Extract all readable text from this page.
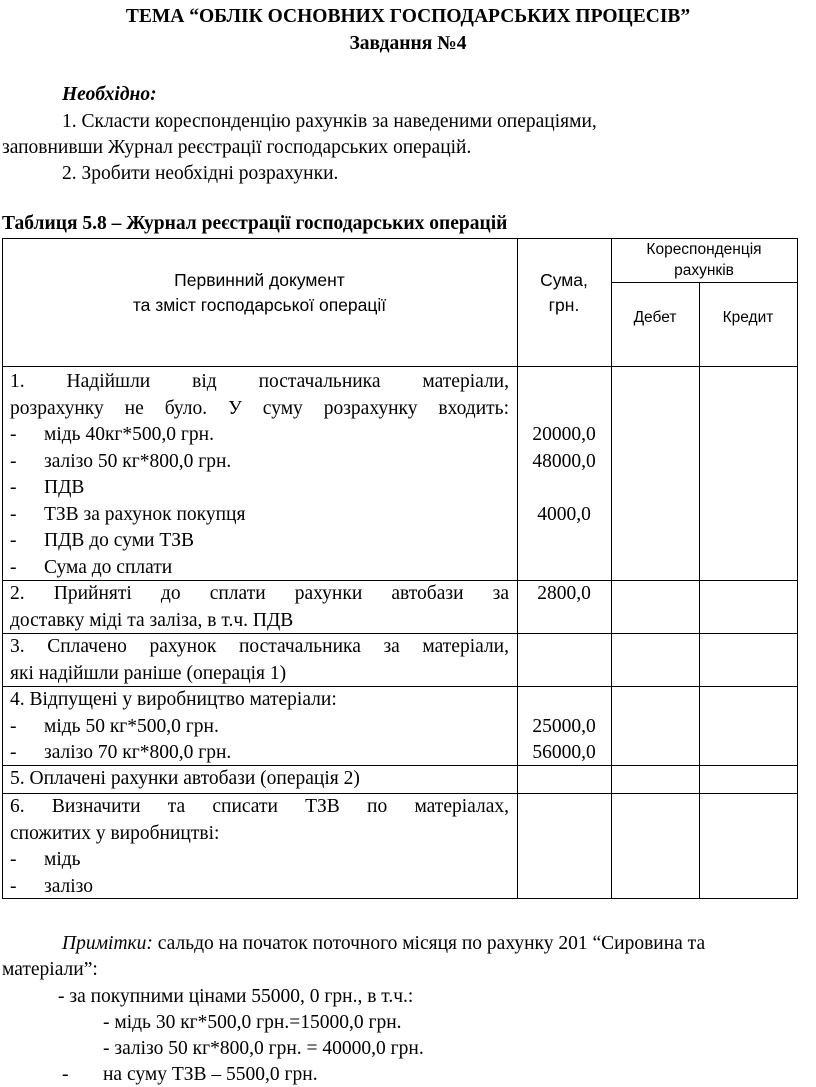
ТЕМА “ОБЛІК ОСНОВНИХ ГОСПОДАРСЬКИХ ПРОЦЕСІВ”
Завдання №4
Необхідно:
1. Скласти кореспонденцію рахунків за наведеними операціями,
заповнивши Журнал реєстрації господарських операцій.
2. Зробити необхідні розрахунки.
Таблиця 5.8 – Журнал реєстрації господарських операцій
Первинний документ
та зміст господарської операції
Сума,
грн.
Кореспонденція
рахунків
Дебет	Кредит
1. Надійшли від постачальника матеріали,
розрахунку не було. У суму розрахунку входить:
- мідь 40кг*500,0 грн.
- залізо 50 кг*800,0 грн.
- ПДВ
- ТЗВ за рахунок покупця
- ПДВ до суми ТЗВ
- Сума до сплати
20000,0
48000,0
4000,0
2. Прийняті до сплати рахунки автобази за
доставку міді та заліза, в т.ч. ПДВ
2800,0
3. Сплачено рахунок постачальника за матеріали,
які надійшли раніше (операція 1)
4. Відпущені у виробництво матеріали:
- мідь 50 кг*500,0 грн.
- залізо 70 кг*800,0 грн.
25000,0
56000,0
5. Оплачені рахунки автобази (операція 2)
6. Визначити та списати ТЗВ по матеріалах,
спожитих у виробництві:
- мідь
- залізо
Примітки: сальдо на початок поточного місяця по рахунку 201 “Сировина та
матеріали”:
- за покупними цінами 55000, 0 грн., в т.ч.:
- мідь 30 кг*500,0 грн.=15000,0 грн.
- залізо 50 кг*800,0 грн. = 40000,0 грн.
- на суму ТЗВ – 5500,0 грн.
